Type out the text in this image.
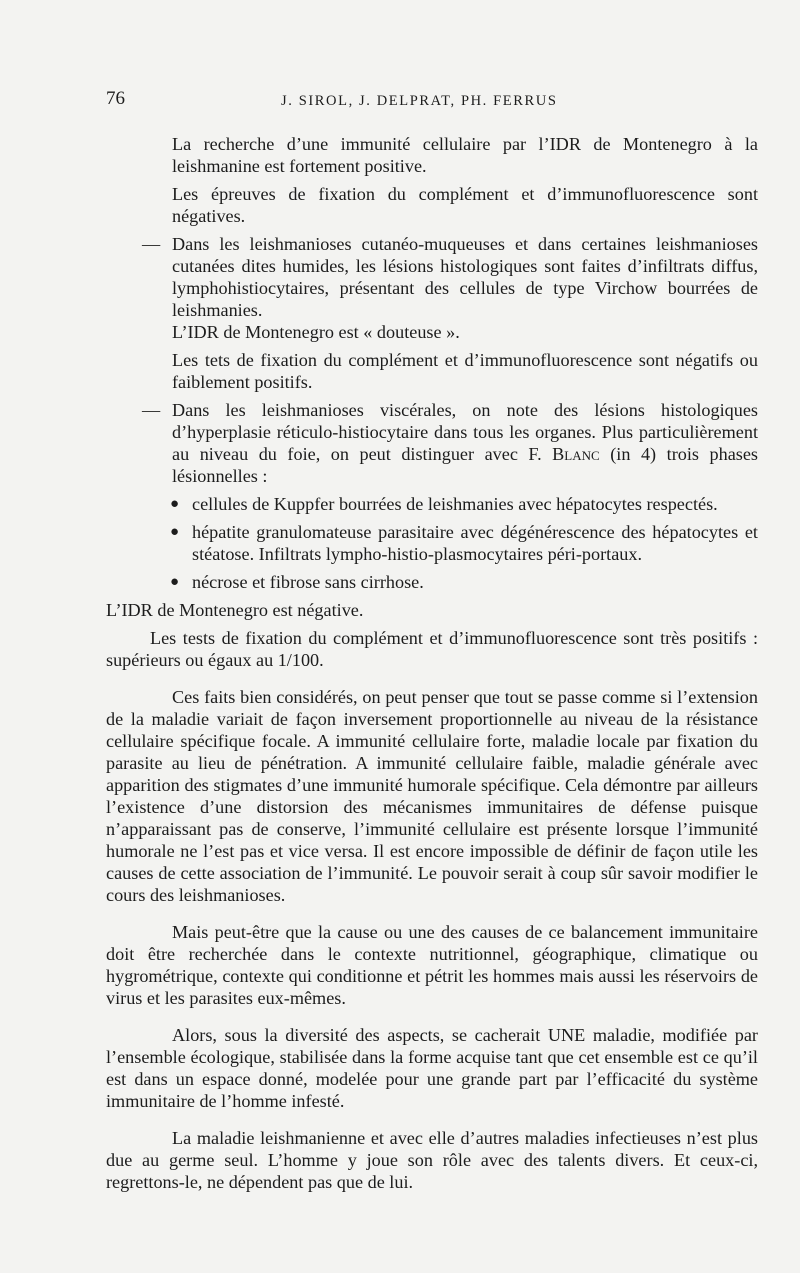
76	J. SIROL, J. DELPRAT, PH. FERRUS

La recherche d’une immunité cellulaire par l’IDR de Montenegro à la leishmanine est fortement positive.

Les épreuves de fixation du complément et d’immunofluorescence sont négatives.

— Dans les leishmanioses cutanéo-muqueuses et dans certaines leishmanioses cutanées dites humides, les lésions histologiques sont faites d’infiltrats diffus, lymphohistiocytaires, présentant des cellules de type Virchow bourrées de leishmanies.

L’IDR de Montenegro est « douteuse ».

Les tets de fixation du complément et d’immunofluorescence sont négatifs ou faiblement positifs.

— Dans les leishmanioses viscérales, on note des lésions histologiques d’hyperplasie réticulo-histiocytaire dans tous les organes. Plus particulièrement au niveau du foie, on peut distinguer avec F. Blanc (in 4) trois phases lésionnelles :

● cellules de Kuppfer bourrées de leishmanies avec hépatocytes respectés.

● hépatite granulomateuse parasitaire avec dégénérescence des hépatocytes et stéatose. Infiltrats lympho-histio-plasmocytaires péri-portaux.

● nécrose et fibrose sans cirrhose.

L’IDR de Montenegro est négative.

Les tests de fixation du complément et d’immunofluorescence sont très positifs : supérieurs ou égaux au 1/100.

Ces faits bien considérés, on peut penser que tout se passe comme si l’extension de la maladie variait de façon inversement proportionnelle au niveau de la résistance cellulaire spécifique focale. A immunité cellulaire forte, maladie locale par fixation du parasite au lieu de pénétration. A immunité cellulaire faible, maladie générale avec apparition des stigmates d’une immunité humorale spécifique. Cela démontre par ailleurs l’existence d’une distorsion des mécanismes immunitaires de défense puisque n’apparaissant pas de conserve, l’immunité cellulaire est présente lorsque l’immunité humorale ne l’est pas et vice versa. Il est encore impossible de définir de façon utile les causes de cette association de l’immunité. Le pouvoir serait à coup sûr savoir modifier le cours des leishmanioses.

Mais peut-être que la cause ou une des causes de ce balancement immunitaire doit être recherchée dans le contexte nutritionnel, géographique, climatique ou hygrométrique, contexte qui conditionne et pétrit les hommes mais aussi les réservoirs de virus et les parasites eux-mêmes.

Alors, sous la diversité des aspects, se cacherait UNE maladie, modifiée par l’ensemble écologique, stabilisée dans la forme acquise tant que cet ensemble est ce qu’il est dans un espace donné, modelée pour une grande part par l’efficacité du système immunitaire de l’homme infesté.

La maladie leishmanienne et avec elle d’autres maladies infectieuses n’est plus due au germe seul. L’homme y joue son rôle avec des talents divers. Et ceux-ci, regrettons-le, ne dépendent pas que de lui.
